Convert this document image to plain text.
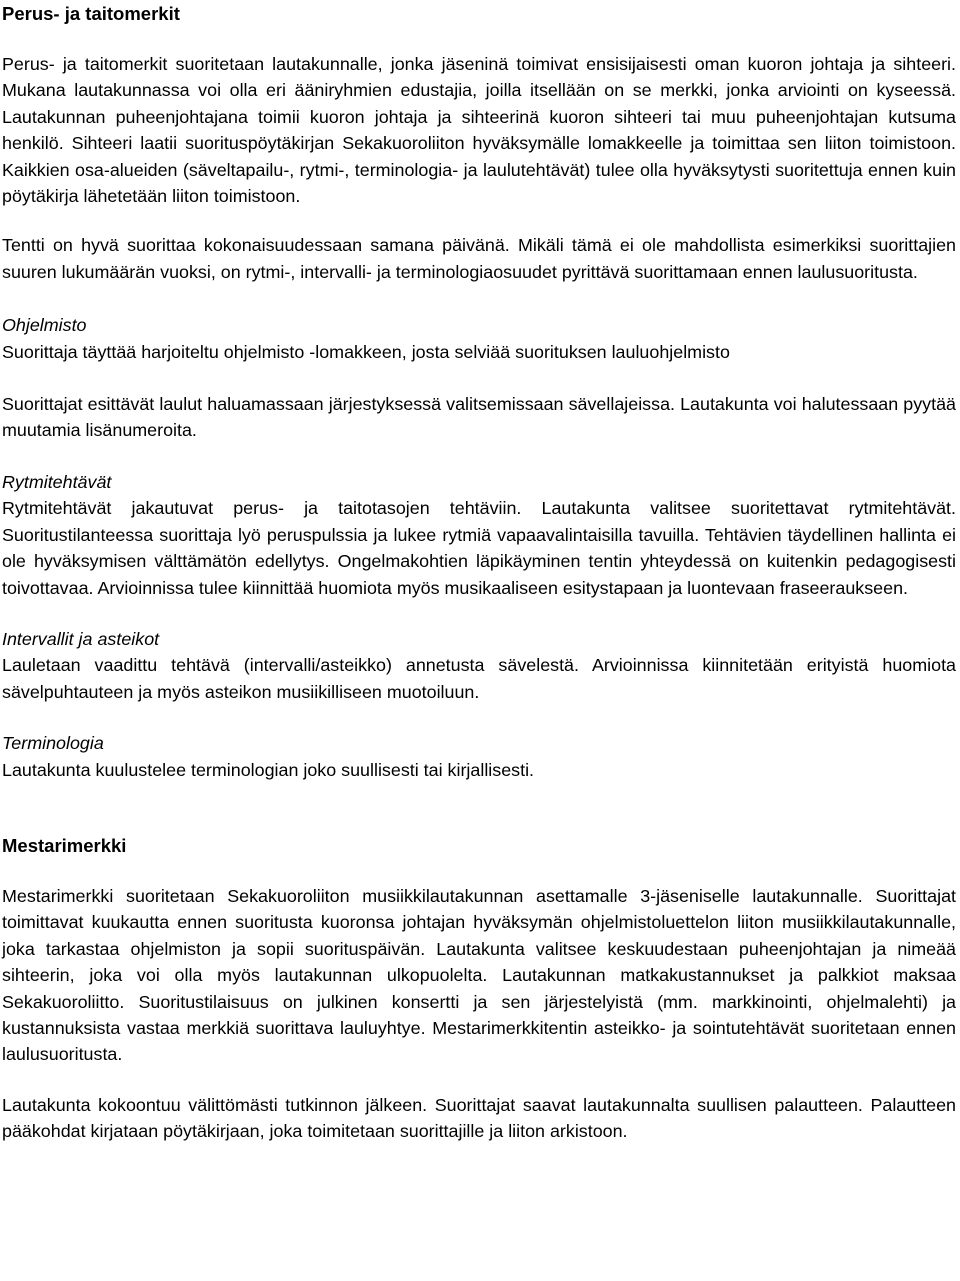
Perus- ja taitomerkit

Perus- ja taitomerkit suoritetaan lautakunnalle, jonka jäseninä toimivat ensisijaisesti oman kuoron johtaja ja sihteeri. Mukana lautakunnassa voi olla eri ääniryhmien edustajia, joilla itsellään on se merkki, jonka arviointi on kyseessä. Lautakunnan puheenjohtajana toimii kuoron johtaja ja sihteerinä kuoron sihteeri tai muu puheenjohtajan kutsuma henkilö. Sihteeri laatii suorituspöytäkirjan Sekakuoroliiton hyväksymälle lomakkeelle ja toimittaa sen liiton toimistoon. Kaikkien osa-alueiden (säveltapailu-, rytmi-, terminologia- ja laulutehtävät) tulee olla hyväksytysti suoritettuja ennen kuin pöytäkirja lähetetään liiton toimistoon.

Tentti on hyvä suorittaa kokonaisuudessaan samana päivänä. Mikäli tämä ei ole mahdollista esimerkiksi suorittajien suuren lukumäärän vuoksi, on rytmi-, intervalli- ja terminologiaosuudet pyrittävä suorittamaan ennen laulusuoritusta.

Ohjelmisto

Suorittaja täyttää harjoiteltu ohjelmisto -lomakkeen, josta selviää suorituksen lauluohjelmisto

Suorittajat esittävät laulut haluamassaan järjestyksessä valitsemissaan sävellajeissa. Lautakunta voi halutessaan pyytää muutamia lisänumeroita.

Rytmitehtävät

Rytmitehtävät jakautuvat perus- ja taitotasojen tehtäviin. Lautakunta valitsee suoritettavat rytmitehtävät. Suoritustilanteessa suorittaja lyö peruspulssia ja lukee rytmiä vapaavalintaisilla tavuilla. Tehtävien täydellinen hallinta ei ole hyväksymisen välttämätön edellytys. Ongelmakohtien läpikäyminen tentin yhteydessä on kuitenkin pedagogisesti toivottavaa. Arvioinnissa tulee kiinnittää huomiota myös musikaaliseen esitystapaan ja luontevaan fraseeraukseen.

Intervallit ja asteikot

Lauletaan vaadittu tehtävä (intervalli/asteikko) annetusta sävelestä. Arvioinnissa kiinnitetään erityistä huomiota sävelpuhtauteen ja myös asteikon musiikilliseen muotoiluun.

Terminologia

Lautakunta kuulustelee terminologian joko suullisesti tai kirjallisesti.

Mestarimerkki

Mestarimerkki suoritetaan Sekakuoroliiton musiikkilautakunnan asettamalle 3-jäseniselle lautakunnalle. Suorittajat toimittavat kuukautta ennen suoritusta kuoronsa johtajan hyväksymän ohjelmistoluettelon liiton musiikkilautakunnalle, joka tarkastaa ohjelmiston ja sopii suorituspäivän. Lautakunta valitsee keskuudestaan puheenjohtajan ja nimeää sihteerin, joka voi olla myös lautakunnan ulkopuolelta. Lautakunnan matkakustannukset ja palkkiot maksaa Sekakuoroliitto. Suoritustilaisuus on julkinen konsertti ja sen järjestelyistä (mm. markkinointi, ohjelmalehti) ja kustannuksista vastaa merkkiä suorittava lauluyhtye. Mestarimerkkitentin asteikko- ja sointutehtävät suoritetaan ennen laulusuoritusta.

Lautakunta kokoontuu välittömästi tutkinnon jälkeen. Suorittajat saavat lautakunnalta suullisen palautteen. Palautteen pääkohdat kirjataan pöytäkirjaan, joka toimitetaan suorittajille ja liiton arkistoon.
